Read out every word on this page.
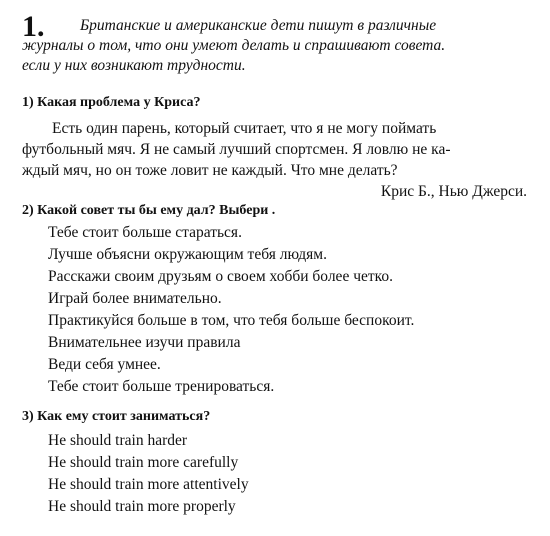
1. Британские и американские дети пишут в различные
журналы о том, что они умеют делать и спрашивают совета.
если у них возникают трудности.
1) Какая проблема у Криса?
Есть один парень, который считает, что я не могу поймать
футбольный мяч. Я не самый лучший спортсмен. Я ловлю не ка-
ждый мяч, но он тоже ловит не каждый. Что мне делать?
Крис Б., Нью Джерси.
2) Какой совет ты бы ему дал? Выбери .
Тебе стоит больше стараться.
Лучше объясни окружающим тебя людям.
Расскажи своим друзьям о своем хобби более четко.
Играй более внимательно.
Практикуйся больше в том, что тебя больше беспокоит.
Внимательнее изучи правила
Веди себя умнее.
Тебе стоит больше тренироваться.
3) Как ему стоит заниматься?
He should train harder
He should train more carefully
He should train more attentively
He should train more properly
